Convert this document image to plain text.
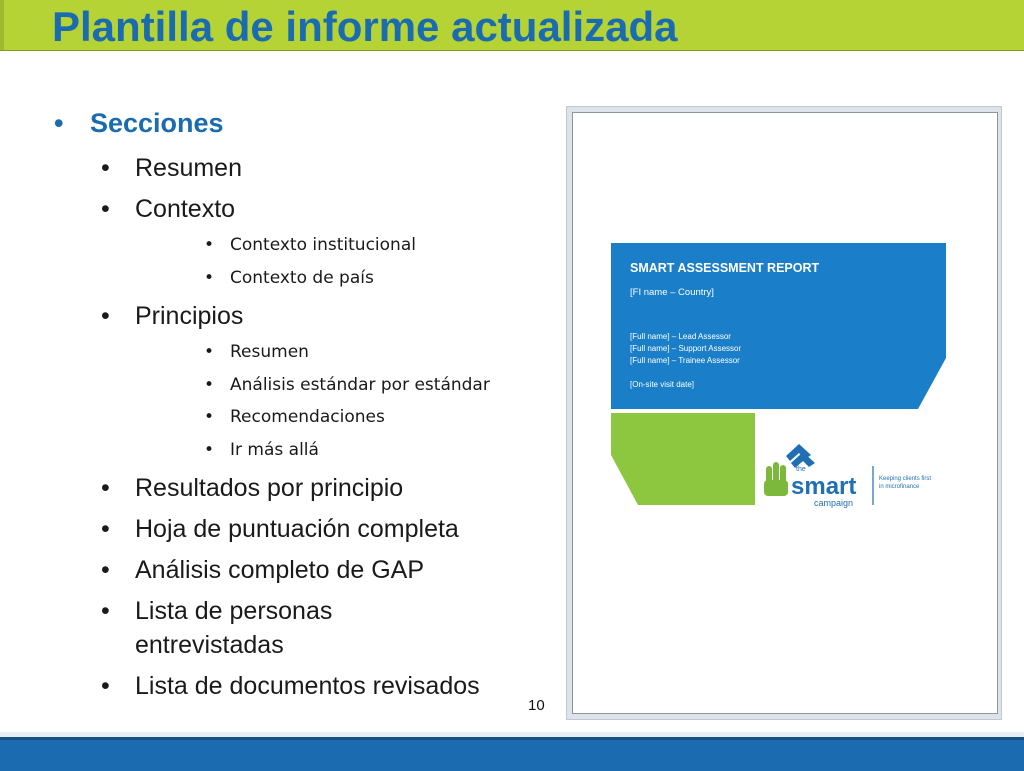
Plantilla de informe actualizada
• Secciones
• Resumen
• Contexto
• Contexto institucional
• Contexto de país
• Principios
• Resumen
• Análisis estándar por estándar
• Recomendaciones
• Ir más allá
• Resultados por principio
• Hoja de puntuación completa
• Análisis completo de GAP
• Lista de personas
entrevistadas
• Lista de documentos revisados
10
SMART ASSESSMENT REPORT
[FI name – Country]
[Full name] – Lead Assessor
[Full name] – Support Assessor
[Full name] – Trainee Assessor
[On-site visit date]
the
smart
campaign
Keeping clients first
in microfinance
